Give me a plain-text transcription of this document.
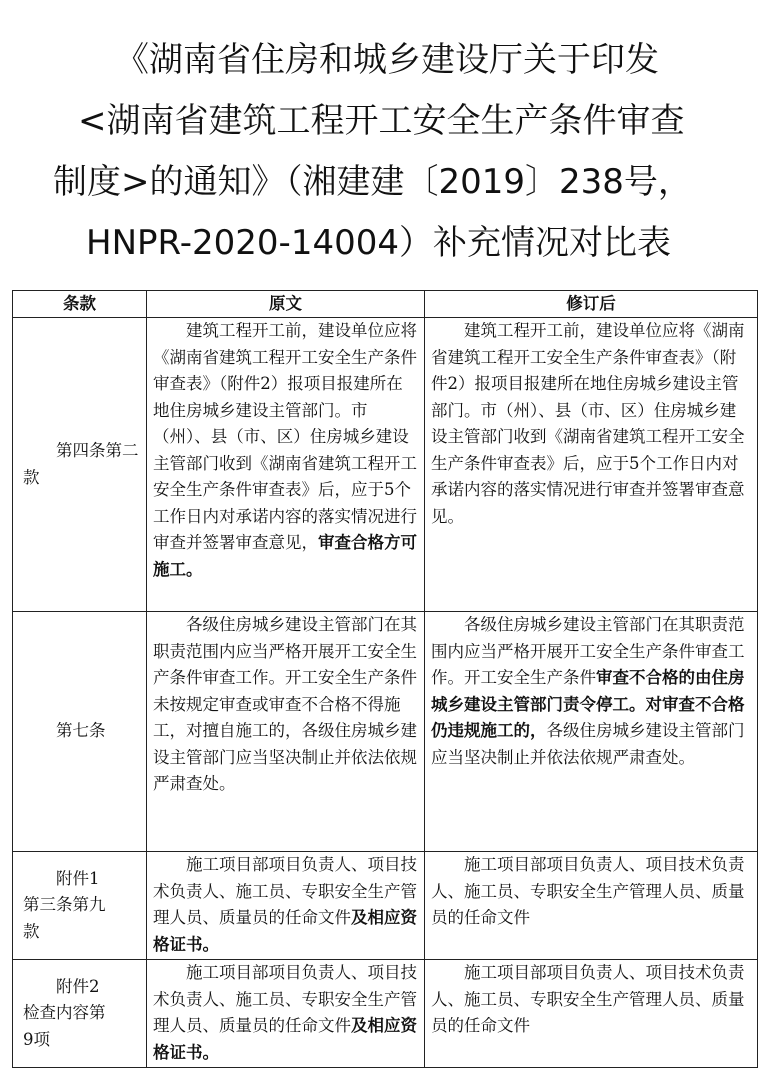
《湖南省住房和城乡建设厅关于印发
<湖南省建筑工程开工安全生产条件审查
制度>的通知》（湘建建〔2019〕238号，
HNPR-2020-14004）补充情况对比表
条款	原文	修订后

第四条第二
款	建筑工程开工前，建设单位应将《湖南省建筑工程开工安全生产条件审查表》（附件2）报项目报建所在地住房城乡建设主管部门。市（州）、县（市、区）住房城乡建设主管部门收到《湖南省建筑工程开工安全生产条件审查表》后，应于5个工作日内对承诺内容的落实情况进行审查并签署审查意见，审查合格方可施工。	建筑工程开工前，建设单位应将《湖南省建筑工程开工安全生产条件审查表》（附件2）报项目报建所在地住房城乡建设主管部门。市（州）、县（市、区）住房城乡建设主管部门收到《湖南省建筑工程开工安全生产条件审查表》后，应于5个工作日内对承诺内容的落实情况进行审查并签署审查意见。

第七条	各级住房城乡建设主管部门在其职责范围内应当严格开展开工安全生产条件审查工作。开工安全生产条件未按规定审查或审查不合格不得施工，对擅自施工的，各级住房城乡建设主管部门应当坚决制止并依法依规严肃查处。	各级住房城乡建设主管部门在其职责范围内应当严格开展开工安全生产条件审查工作。开工安全生产条件审查不合格的由住房城乡建设主管部门责令停工。对审查不合格仍违规施工的，各级住房城乡建设主管部门应当坚决制止并依法依规严肃查处。

附件1
第三条第九
款	施工项目部项目负责人、项目技术负责人、施工员、专职安全生产管理人员、质量员的任命文件及相应资格证书。	施工项目部项目负责人、项目技术负责人、施工员、专职安全生产管理人员、质量员的任命文件

附件2
检查内容第
9项	施工项目部项目负责人、项目技术负责人、施工员、专职安全生产管理人员、质量员的任命文件及相应资格证书。	施工项目部项目负责人、项目技术负责人、施工员、专职安全生产管理人员、质量员的任命文件
